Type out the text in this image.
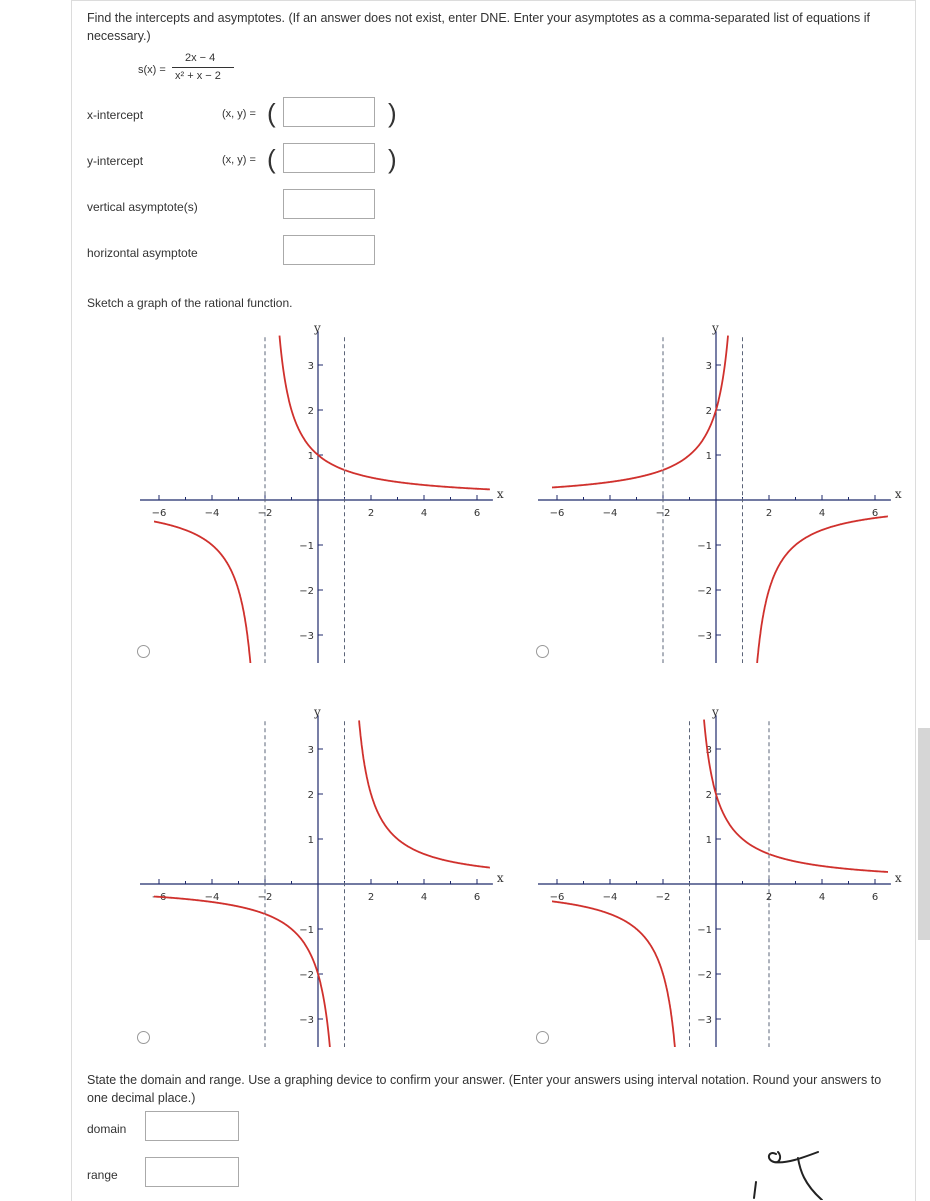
Find the intercepts and asymptotes. (If an answer does not exist, enter DNE. Enter your asymptotes as a comma-separated list of equations if necessary.)
s(x) =
2x − 4
x² + x − 2
x-intercept	(x, y) = (	)
y-intercept	(x, y) = (	)
vertical asymptote(s)
horizontal asymptote
Sketch a graph of the rational function.
−6	−4	−2	2	4	6
1
2
3
−1
−2
−3
x
y
−6	−4	−2	2	4	6
1
2
3
−1
−2
−3
x
y
−6	−4	−2	2	4	6
1
2
3
−1
−2
−3
x
y
−6	−4	−2	2	4	6
1
2
3
−1
−2
−3
x
y
State the domain and range. Use a graphing device to confirm your answer. (Enter your answers using interval notation. Round your answers to one decimal place.)
domain
range
